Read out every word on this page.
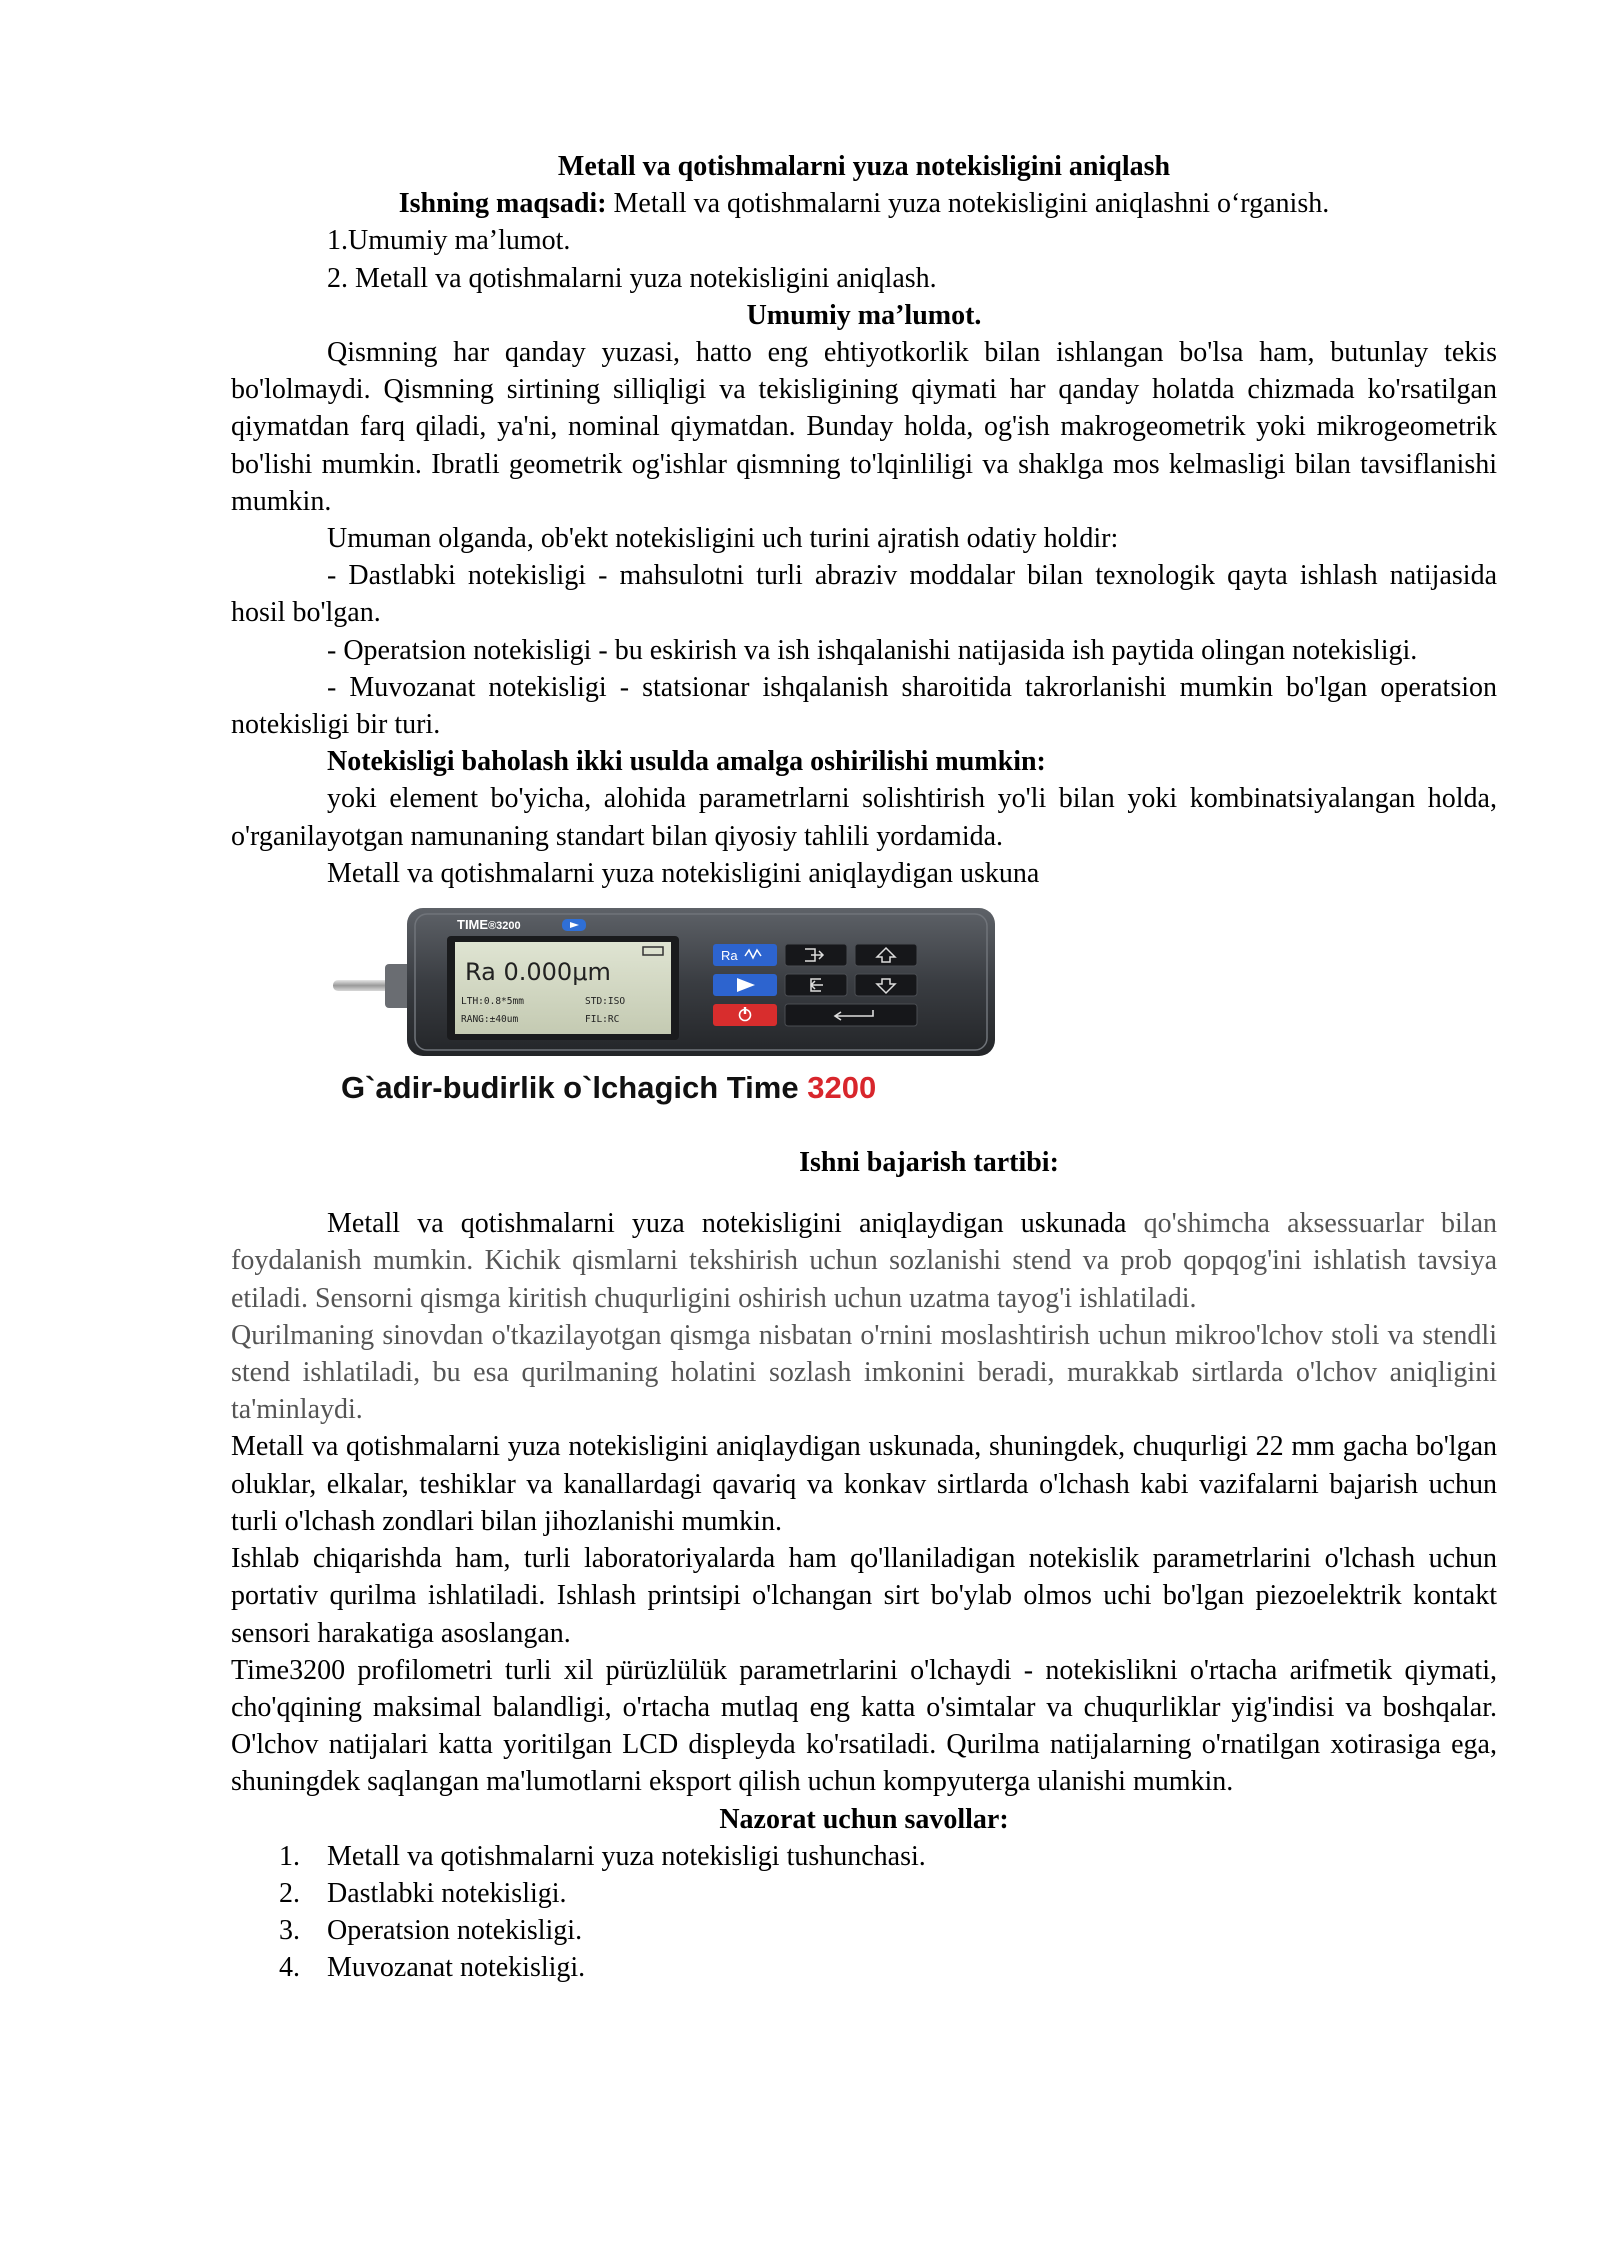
Metall va qotishmalarni yuza notekisligini aniqlash

Ishning maqsadi: Metall va qotishmalarni yuza notekisligini aniqlashni o‘rganish.

1.Umumiy ma’lumot.

2. Metall va qotishmalarni yuza notekisligini aniqlash.

Umumiy ma’lumot.

Qismning har qanday yuzasi, hatto eng ehtiyotkorlik bilan ishlangan bo'lsa ham, butunlay tekis bo'lolmaydi. Qismning sirtining silliqligi va tekisligining qiymati har qanday holatda chizmada ko'rsatilgan qiymatdan farq qiladi, ya'ni, nominal qiymatdan. Bunday holda, og'ish makrogeometrik yoki mikrogeometrik bo'lishi mumkin. Ibratli geometrik og'ishlar qismning to'lqinliligi va shaklga mos kelmasligi bilan tavsiflanishi mumkin.

Umuman olganda, ob'ekt notekisligini uch turini ajratish odatiy holdir:

- Dastlabki notekisligi - mahsulotni turli abraziv moddalar bilan texnologik qayta ishlash natijasida hosil bo'lgan.

- Operatsion notekisligi - bu eskirish va ish ishqalanishi natijasida ish paytida olingan notekisligi.

- Muvozanat notekisligi - statsionar ishqalanish sharoitida takrorlanishi mumkin bo'lgan operatsion notekisligi bir turi.

Notekisligi baholash ikki usulda amalga oshirilishi mumkin:

yoki element bo'yicha, alohida parametrlarni solishtirish yo'li bilan yoki kombinatsiyalangan holda, o'rganilayotgan namunaning standart bilan qiyosiy tahlili yordamida.

Metall va qotishmalarni yuza notekisligini aniqlaydigan uskuna

TIME®3200
Ra 0.000μm
LTH:0.8*5mm	STD:ISO
RANG:±40um	FIL:RC
Ra
G`adir-budirlik o`lchagich Time 3200

Ishni bajarish tartibi:

Metall va qotishmalarni yuza notekisligini aniqlaydigan uskunada qo'shimcha aksessuarlar bilan foydalanish mumkin. Kichik qismlarni tekshirish uchun sozlanishi stend va prob qopqog'ini ishlatish tavsiya etiladi. Sensorni qismga kiritish chuqurligini oshirish uchun uzatma tayog'i ishlatiladi.

Qurilmaning sinovdan o'tkazilayotgan qismga nisbatan o'rnini moslashtirish uchun mikroo'lchov stoli va stendli stend ishlatiladi, bu esa qurilmaning holatini sozlash imkonini beradi, murakkab sirtlarda o'lchov aniqligini ta'minlaydi.

Metall va qotishmalarni yuza notekisligini aniqlaydigan uskunada, shuningdek, chuqurligi 22 mm gacha bo'lgan oluklar, elkalar, teshiklar va kanallardagi qavariq va konkav sirtlarda o'lchash kabi vazifalarni bajarish uchun turli o'lchash zondlari bilan jihozlanishi mumkin.

Ishlab chiqarishda ham, turli laboratoriyalarda ham qo'llaniladigan notekislik parametrlarini o'lchash uchun portativ qurilma ishlatiladi. Ishlash printsipi o'lchangan sirt bo'ylab olmos uchi bo'lgan piezoelektrik kontakt sensori harakatiga asoslangan.

Time3200 profilometri turli xil pürüzlülük parametrlarini o'lchaydi - notekislikni o'rtacha arifmetik qiymati, cho'qqining maksimal balandligi, o'rtacha mutlaq eng katta o'simtalar va chuqurliklar yig'indisi va boshqalar. O'lchov natijalari katta yoritilgan LCD displeyda ko'rsatiladi. Qurilma natijalarning o'rnatilgan xotirasiga ega, shuningdek saqlangan ma'lumotlarni eksport qilish uchun kompyuterga ulanishi mumkin.

Nazorat uchun savollar:

1. Metall va qotishmalarni yuza notekisligi tushunchasi.
2. Dastlabki notekisligi.
3. Operatsion notekisligi.
4. Muvozanat notekisligi.
